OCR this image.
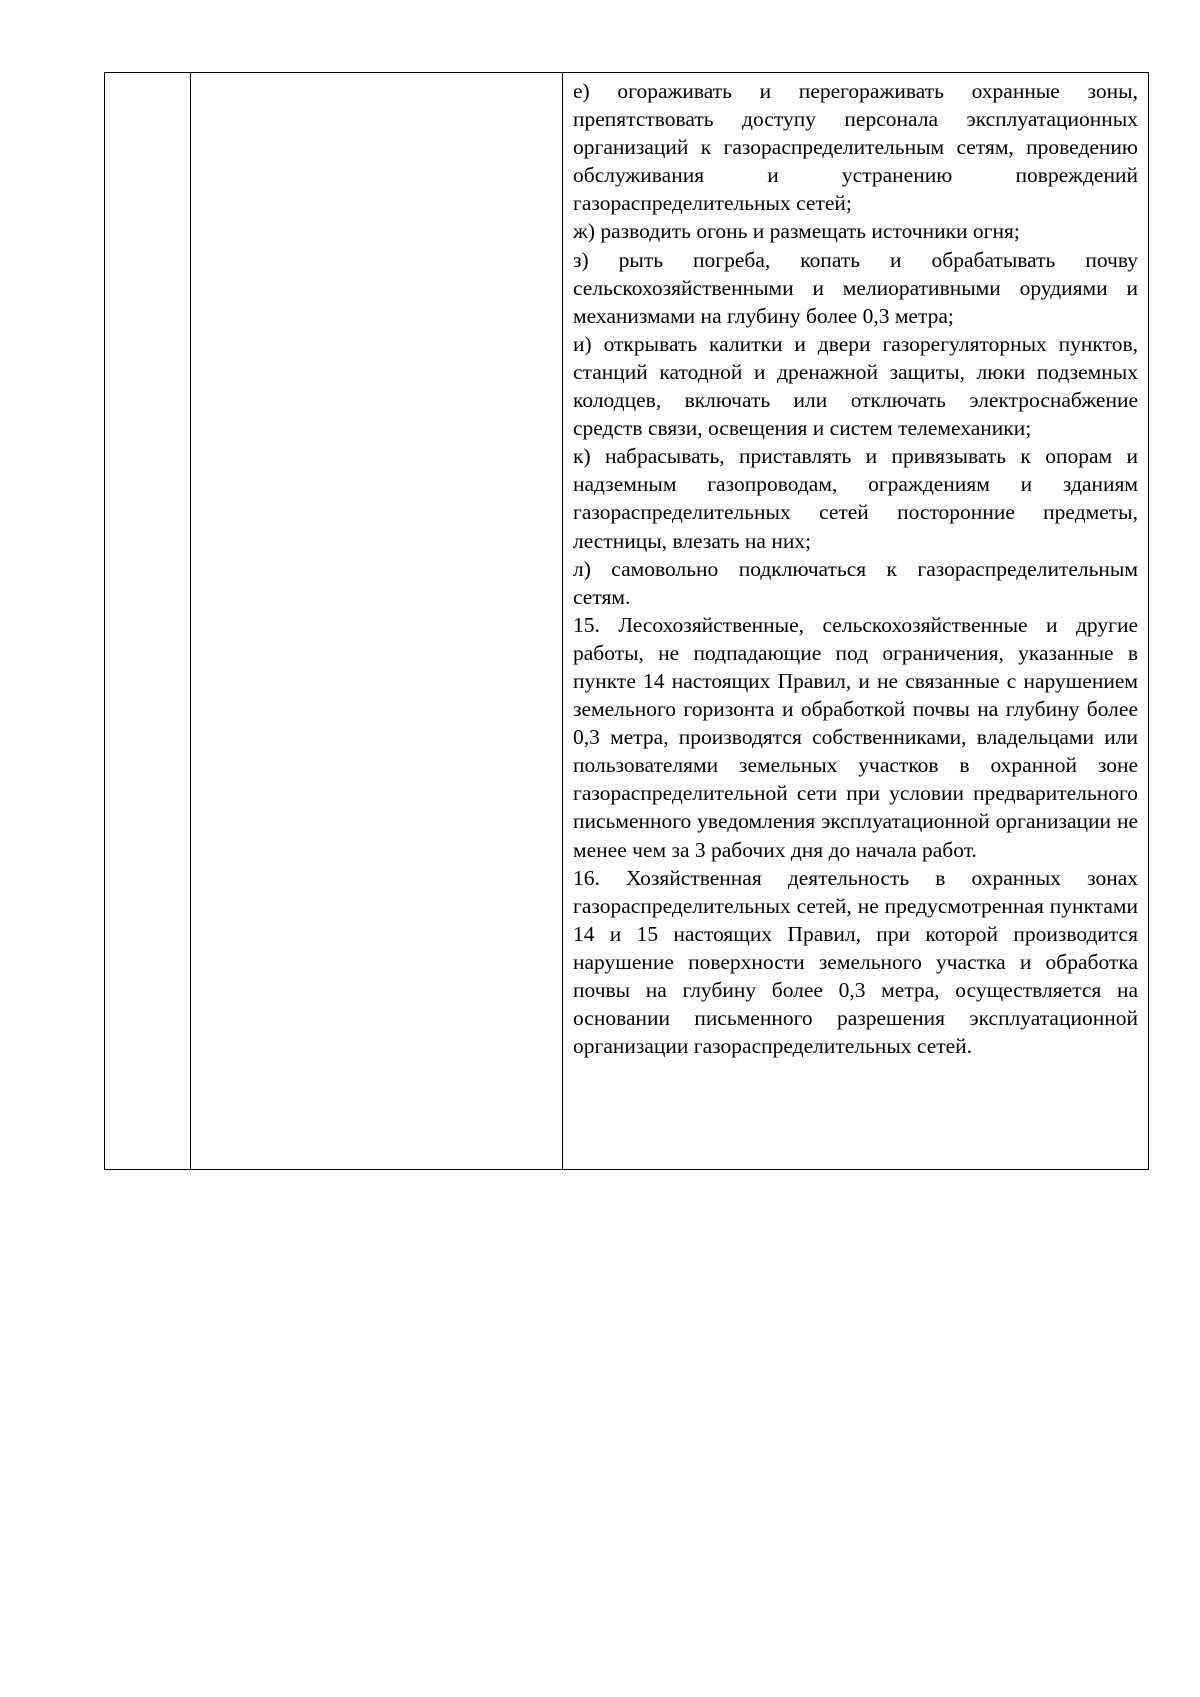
е) огораживать и перегораживать охранные зоны, препятствовать доступу персонала эксплуатационных организаций к газораспределительным сетям, проведению обслуживания и устранению повреждений газораспределительных сетей;

ж) разводить огонь и размещать источники огня;

з) рыть погреба, копать и обрабатывать почву сельскохозяйственными и мелиоративными орудиями и механизмами на глубину более 0,3 метра;

и) открывать калитки и двери газорегуляторных пунктов, станций катодной и дренажной защиты, люки подземных колодцев, включать или отключать электроснабжение средств связи, освещения и систем телемеханики;

к) набрасывать, приставлять и привязывать к опорам и надземным газопроводам, ограждениям и зданиям газораспределительных сетей посторонние предметы, лестницы, влезать на них;

л) самовольно подключаться к газораспределительным сетям.

15. Лесохозяйственные, сельскохозяйственные и другие работы, не подпадающие под ограничения, указанные в пункте 14 настоящих Правил, и не связанные с нарушением земельного горизонта и обработкой почвы на глубину более 0,3 метра, производятся собственниками, владельцами или пользователями земельных участков в охранной зоне газораспределительной сети при условии предварительного письменного уведомления эксплуатационной организации не менее чем за 3 рабочих дня до начала работ.

16. Хозяйственная деятельность в охранных зонах газораспределительных сетей, не предусмотренная пунктами 14 и 15 настоящих Правил, при которой производится нарушение поверхности земельного участка и обработка почвы на глубину более 0,3 метра, осуществляется на основании письменного разрешения эксплуатационной организации газораспределительных сетей.
